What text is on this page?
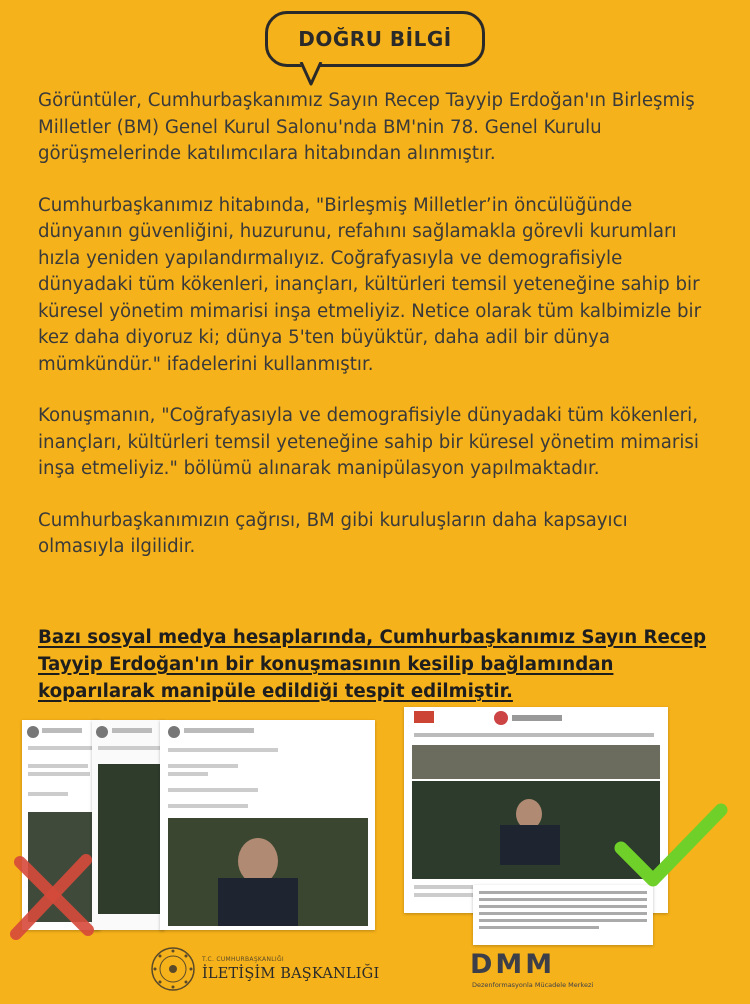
DOĞRU BİLGİ

Görüntüler, Cumhurbaşkanımız Sayın Recep Tayyip Erdoğan'ın Birleşmiş Milletler (BM) Genel Kurul Salonu'nda BM'nin 78. Genel Kurulu görüşmelerinde katılımcılara hitabından alınmıştır.

Cumhurbaşkanımız hitabında, "Birleşmiş Milletler’in öncülüğünde dünyanın güvenliğini, huzurunu, refahını sağlamakla görevli kurumları hızla yeniden yapılandırmalıyız. Coğrafyasıyla ve demografisiyle dünyadaki tüm kökenleri, inançları, kültürleri temsil yeteneğine sahip bir küresel yönetim mimarisi inşa etmeliyiz. Netice olarak tüm kalbimizle bir kez daha diyoruz ki; dünya 5'ten büyüktür, daha adil bir dünya mümkündür." ifadelerini kullanmıştır.

Konuşmanın, "Coğrafyasıyla ve demografisiyle dünyadaki tüm kökenleri, inançları, kültürleri temsil yeteneğine sahip bir küresel yönetim mimarisi inşa etmeliyiz." bölümü alınarak manipülasyon yapılmaktadır.

Cumhurbaşkanımızın çağrısı, BM gibi kuruluşların daha kapsayıcı olmasıyla ilgilidir.

Bazı sosyal medya hesaplarında, Cumhurbaşkanımız Sayın Recep Tayyip Erdoğan'ın bir konuşmasının kesilip bağlamından koparılarak manipüle edildiği tespit edilmiştir.
T.C. CUMHURBAŞKANLIĞI
İLETİŞİM BAŞKANLIĞI	DMM
Dezenformasyonla Mücadele Merkezi
